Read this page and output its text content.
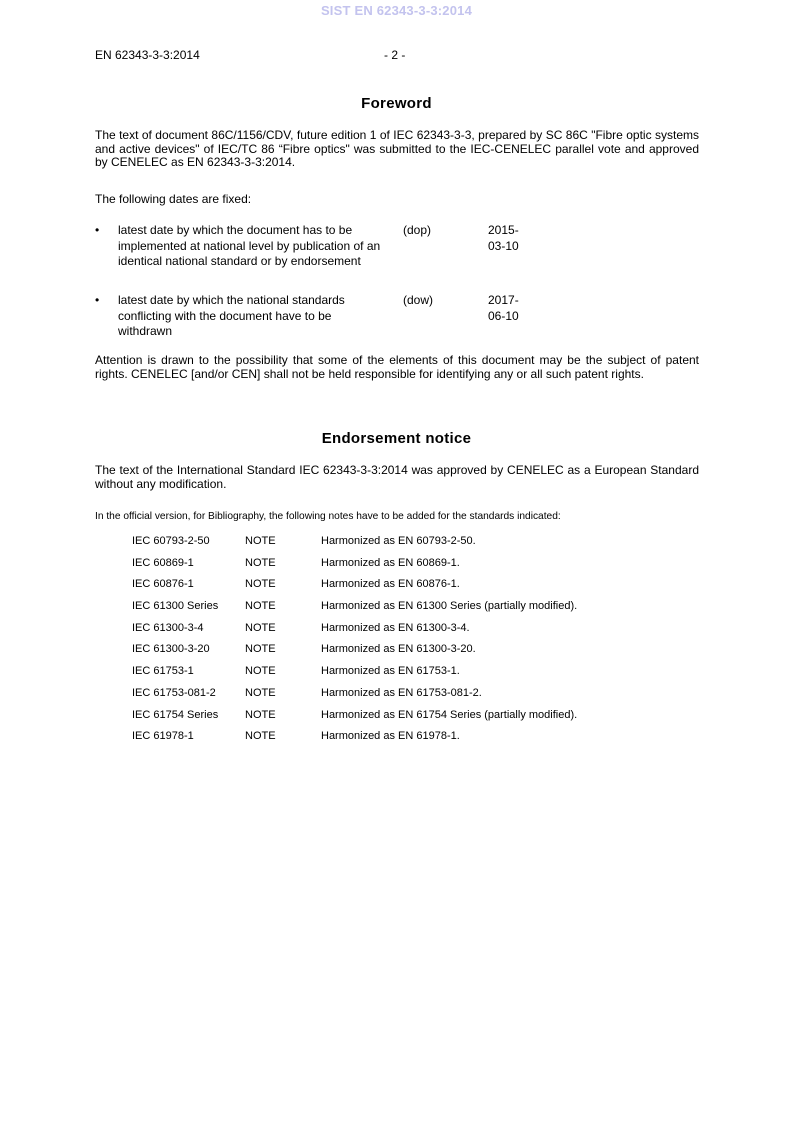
SIST EN 62343-3-3:2014
EN 62343-3-3:2014	- 2 -
Foreword

The text of document 86C/1156/CDV, future edition 1 of IEC 62343-3-3, prepared by SC 86C "Fibre optic systems and active devices" of IEC/TC 86 “Fibre optics" was submitted to the IEC-CENELEC parallel vote and approved by CENELEC as EN 62343-3-3:2014.

The following dates are fixed:

•	latest date by which the document has to be implemented at national level by publication of an identical national standard or by endorsement
(dop)	2015-03-10
•	latest date by which the national standards conflicting with the document have to be withdrawn
(dow)	2017-06-10

Attention is drawn to the possibility that some of the elements of this document may be the subject of patent rights. CENELEC [and/or CEN] shall not be held responsible for identifying any or all such patent rights.

Endorsement notice

The text of the International Standard IEC 62343-3-3:2014 was approved by CENELEC as a European Standard without any modification.

In the official version, for Bibliography, the following notes have to be added for the standards indicated:

IEC 60793-2-50	NOTE	Harmonized as EN 60793-2-50.
IEC 60869-1	NOTE	Harmonized as EN 60869-1.
IEC 60876-1	NOTE	Harmonized as EN 60876-1.
IEC 61300 Series NOTE	Harmonized as EN 61300 Series (partially modified).
IEC 61300-3-4	NOTE	Harmonized as EN 61300-3-4.
IEC 61300-3-20	NOTE	Harmonized as EN 61300-3-20.
IEC 61753-1	NOTE	Harmonized as EN 61753-1.
IEC 61753-081-2	NOTE	Harmonized as EN 61753-081-2.
IEC 61754 Series NOTE	Harmonized as EN 61754 Series (partially modified).
IEC 61978-1	NOTE	Harmonized as EN 61978-1.
